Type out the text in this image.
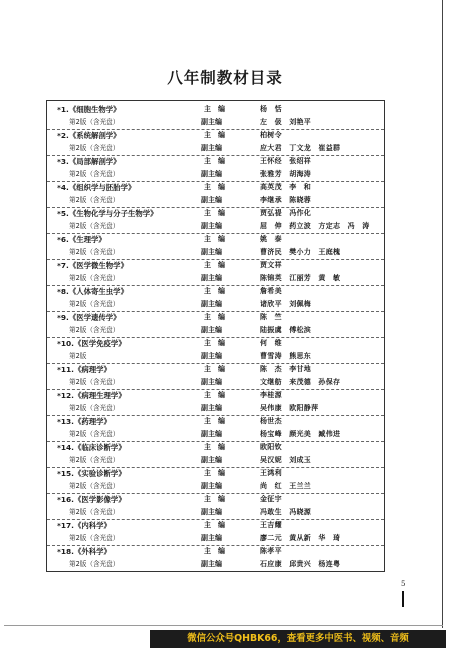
八年制教材目录
*1.《细胞生物学》	主　编	杨　恬
第2版（含光盘）	副主编	左　伋　刘艳平
*2.《系统解剖学》	主　编	柏树令
第2版（含光盘）	副主编	应大君　丁文龙　崔益群
*3.《局部解剖学》	主　编	王怀经　张绍祥
第2版（含光盘）	副主编	张雅芳　胡海涛
*4.《组织学与胚胎学》	主　编	高英茂　李　和
第2版（含光盘）	副主编	李继承　陈晓蓉
*5.《生物化学与分子生物学》	主　编	贾弘禔　冯作化
第2版（含光盘）	副主编	屈　伸　药立波　方定志　冯　涛
*6.《生理学》	主　编	姚　泰
第2版（含光盘）	副主编	曹济民　樊小力　王庭槐
*7.《医学微生物学》	主　编	贾文祥
第2版（含光盘）	副主编	陈锦英　江丽芳　黄　敏
*8.《人体寄生虫学》	主　编	詹希美
第2版（含光盘）	副主编	诸欣平　刘佩梅
*9.《医学遗传学》	主　编	陈　竺
第2版（含光盘）	副主编	陆振虞　傅松滨
*10.《医学免疫学》	主　编	何　维
第2版	副主编	曹雪涛　熊思东
*11.《病理学》	主　编	陈　杰　李甘地
第2版（含光盘）	副主编	文继舫　来茂德　孙保存
*12.《病理生理学》	主　编	李桂源
第2版（含光盘）	副主编	吴伟康　欧阳静萍
*13.《药理学》	主　编	杨世杰
第2版（含光盘）	副主编	杨宝峰　颜光美　臧伟进
*14.《临床诊断学》	主　编	欧阳钦
第2版（含光盘）	副主编	吴汉妮　刘成玉
*15.《实验诊断学》	主　编	王鸿利
第2版（含光盘）	副主编	尚　红　王兰兰
*16.《医学影像学》	主　编	金征宇
第2版（含光盘）	副主编	冯敢生　冯晓源
*17.《内科学》	主　编	王吉耀
第2版（含光盘）	副主编	廖二元　黄从新　华　琦
*18.《外科学》	主　编	陈孝平
第2版（含光盘）	副主编	石应康　邱贵兴　杨连粤
5
微信公众号QHBK66，查看更多中医书、视频、音频
